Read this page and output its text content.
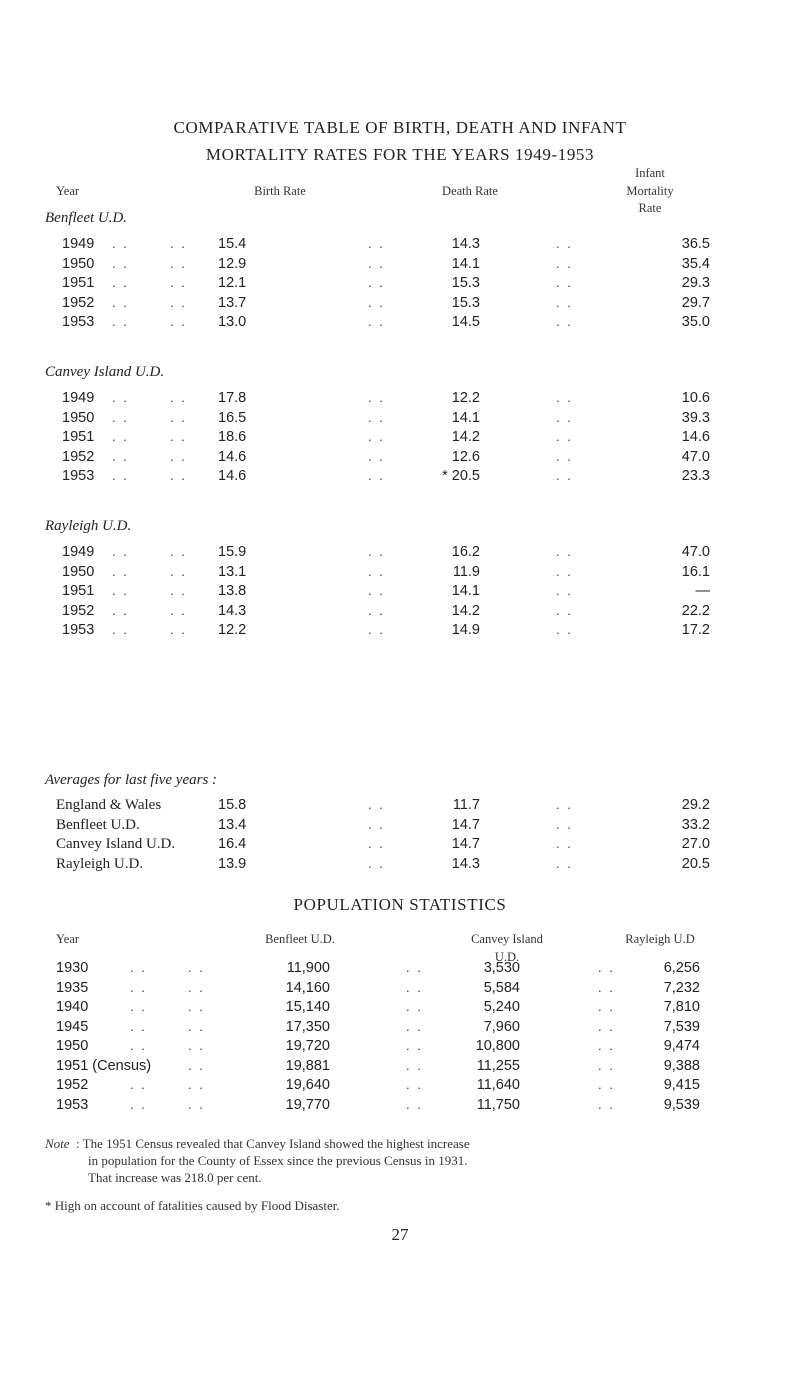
COMPARATIVE TABLE OF BIRTH, DEATH AND INFANT
MORTALITY RATES FOR THE YEARS 1949-1953
Year	Birth Rate	Death Rate
Infant
Mortality
Rate
Benfleet U.D.
1949 . .	. . 15.4	. .	14.3	. .	36.5
1950 . .	. . 12.9	. .	14.1	. .	35.4
1951 . .	. . 12.1	. .	15.3	. .	29.3
1952 . .	. . 13.7	. .	15.3	. .	29.7
1953 . .	. . 13.0	. .	14.5	. .	35.0
Canvey Island U.D.
1949 . .	. . 17.8	. .	12.2	. .	10.6
1950 . .	. . 16.5	. .	14.1	. .	39.3
1951 . .	. . 18.6	. .	14.2	. .	14.6
1952 . .	. . 14.6	. .	12.6	. .	47.0
1953 . .	. . 14.6	. .	* 20.5	. .	23.3
Rayleigh U.D.
1949 . .	. . 15.9	. .	16.2	. .	47.0
1950 . .	. . 13.1	. .	11.9	. .	16.1
1951 . .	. . 13.8	. .	14.1	. .	—
1952 . .	. . 14.3	. .	14.2	. .	22.2
1953 . .	. . 12.2	. .	14.9	. .	17.2
Averages for last five years :
England & Wales	15.8	. .	11.7	. .	29.2
Benfleet U.D.	13.4	. .	14.7	. .	33.2
Canvey Island U.D.	16.4	. .	14.7	. .	27.0
Rayleigh U.D.	13.9	. .	14.3	. .	20.5
POPULATION STATISTICS
Year	Benfleet U.D.	Canvey Island
U.D.
Rayleigh U.D
1930	. .	. .	11,900	. .	3,530	. .	6,256
1935	. .	. .	14,160	. .	5,584	. .	7,232
1940	. .	. .	15,140	. .	5,240	. .	7,810
1945	. .	. .	17,350	. .	7,960	. .	7,539
1950	. .	. .	19,720	. .	10,800	. .	9,474
1951 (Census)	. .	19,881	. .	11,255	. .	9,388
1952	. .	. .	19,640	. .	11,640	. .	9,415
1953	. .	. .	19,770	. .	11,750	. .	9,539
Note : The 1951 Census revealed that Canvey Island showed the highest increase
in population for the County of Essex since the previous Census in 1931.
That increase was 218.0 per cent.
* High on account of fatalities caused by Flood Disaster.
27
